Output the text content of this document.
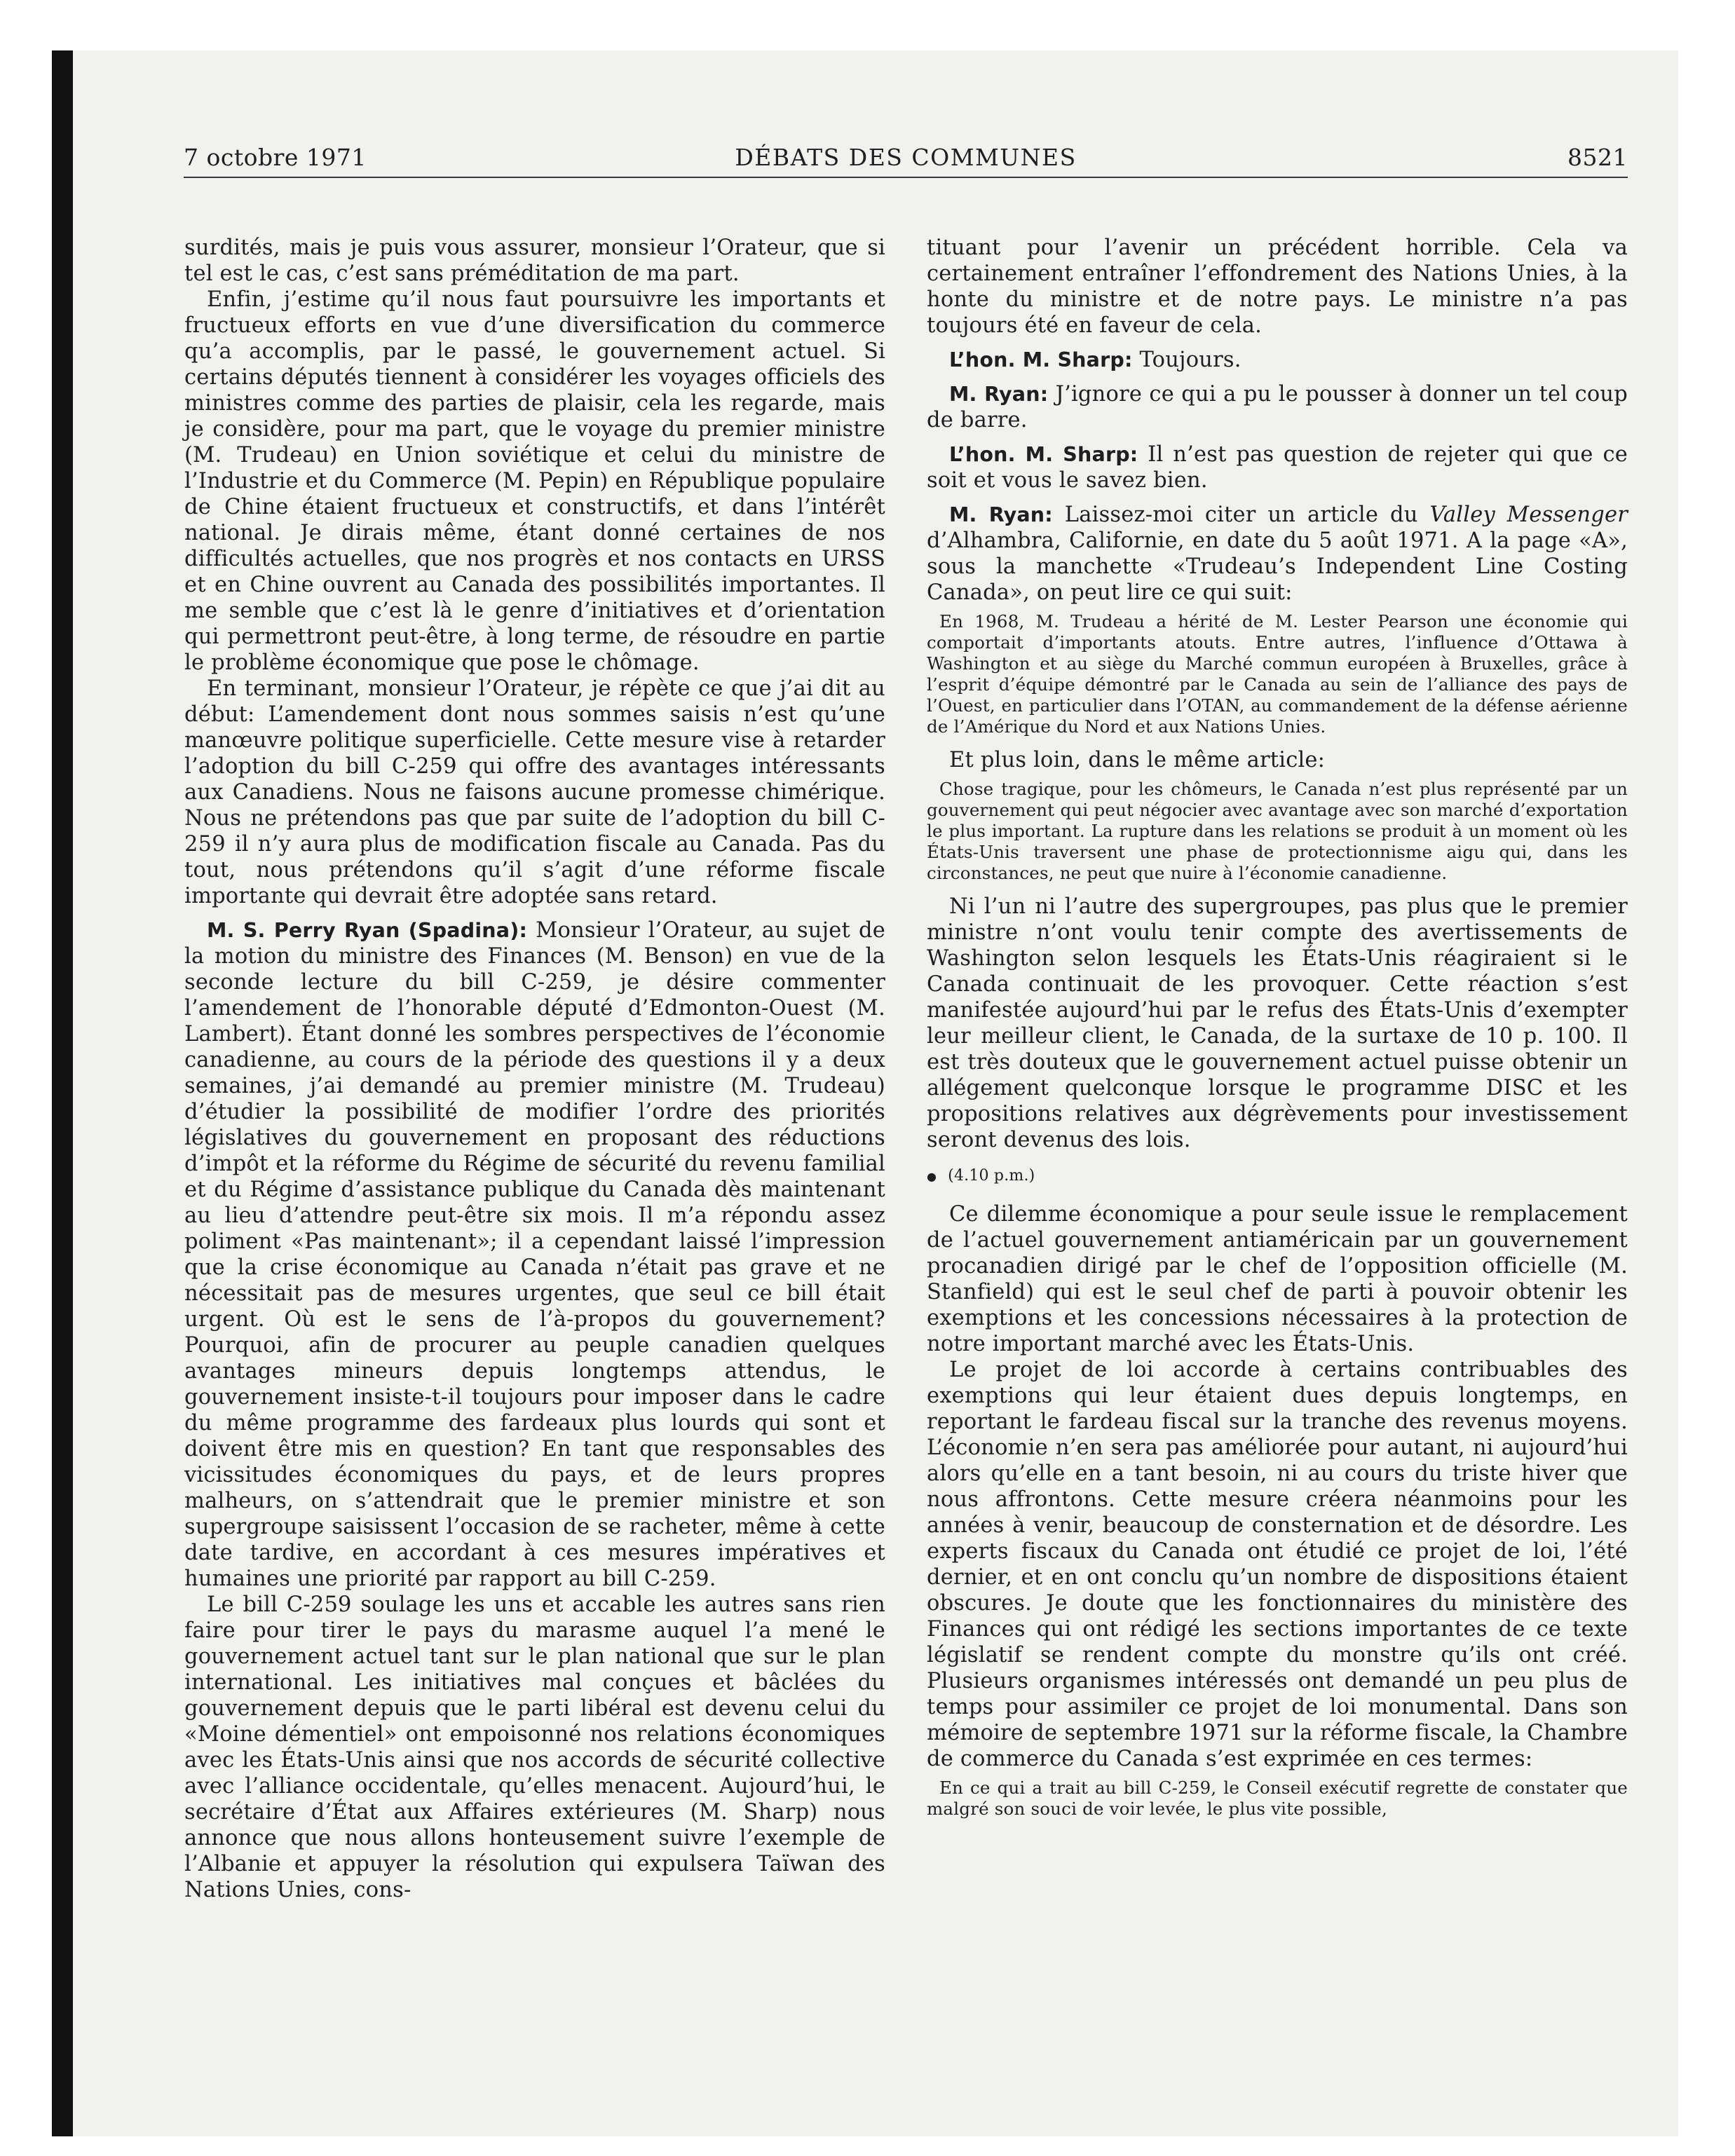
7 octobre 1971	DÉBATS DES COMMUNES	8521

surdités, mais je puis vous assurer, monsieur l’Orateur, que si tel est le cas, c’est sans préméditation de ma part.

Enfin, j’estime qu’il nous faut poursuivre les importants et fructueux efforts en vue d’une diversification du commerce qu’a accomplis, par le passé, le gouvernement actuel. Si certains députés tiennent à considérer les voyages officiels des ministres comme des parties de plaisir, cela les regarde, mais je considère, pour ma part, que le voyage du premier ministre (M. Trudeau) en Union soviétique et celui du ministre de l’Industrie et du Commerce (M. Pepin) en République populaire de Chine étaient fructueux et constructifs, et dans l’intérêt national. Je dirais même, étant donné certaines de nos difficultés actuelles, que nos progrès et nos contacts en URSS et en Chine ouvrent au Canada des possibilités importantes. Il me semble que c’est là le genre d’initiatives et d’orientation qui permettront peut-être, à long terme, de résoudre en partie le problème économique que pose le chômage.

En terminant, monsieur l’Orateur, je répète ce que j’ai dit au début: L’amendement dont nous sommes saisis n’est qu’une manœuvre politique superficielle. Cette mesure vise à retarder l’adoption du bill C-259 qui offre des avantages intéressants aux Canadiens. Nous ne faisons aucune promesse chimérique. Nous ne prétendons pas que par suite de l’adoption du bill C-259 il n’y aura plus de modification fiscale au Canada. Pas du tout, nous prétendons qu’il s’agit d’une réforme fiscale importante qui devrait être adoptée sans retard.

M. S. Perry Ryan (Spadina): Monsieur l’Orateur, au sujet de la motion du ministre des Finances (M. Benson) en vue de la seconde lecture du bill C-259, je désire commenter l’amendement de l’honorable député d’Edmonton-Ouest (M. Lambert). Étant donné les sombres perspectives de l’économie canadienne, au cours de la période des questions il y a deux semaines, j’ai demandé au premier ministre (M. Trudeau) d’étudier la possibilité de modifier l’ordre des priorités législatives du gouvernement en proposant des réductions d’impôt et la réforme du Régime de sécurité du revenu familial et du Régime d’assistance publique du Canada dès maintenant au lieu d’attendre peut-être six mois. Il m’a répondu assez poliment «Pas maintenant»; il a cependant laissé l’impression que la crise économique au Canada n’était pas grave et ne nécessitait pas de mesures urgentes, que seul ce bill était urgent. Où est le sens de l’à-propos du gouvernement? Pourquoi, afin de procurer au peuple canadien quelques avantages mineurs depuis longtemps attendus, le gouvernement insiste-t-il toujours pour imposer dans le cadre du même programme des fardeaux plus lourds qui sont et doivent être mis en question? En tant que responsables des vicissitudes économiques du pays, et de leurs propres malheurs, on s’attendrait que le premier ministre et son supergroupe saisissent l’occasion de se racheter, même à cette date tardive, en accordant à ces mesures impératives et humaines une priorité par rapport au bill C-259.

Le bill C-259 soulage les uns et accable les autres sans rien faire pour tirer le pays du marasme auquel l’a mené le gouvernement actuel tant sur le plan national que sur le plan international. Les initiatives mal conçues et bâclées du gouvernement depuis que le parti libéral est devenu celui du «Moine démentiel» ont empoisonné nos relations économiques avec les États-Unis ainsi que nos accords de sécurité collective avec l’alliance occidentale, qu’elles menacent. Aujourd’hui, le secrétaire d’État aux Affaires extérieures (M. Sharp) nous annonce que nous allons honteusement suivre l’exemple de l’Albanie et appuyer la résolution qui expulsera Taïwan des Nations Unies, cons-

tituant pour l’avenir un précédent horrible. Cela va certainement entraîner l’effondrement des Nations Unies, à la honte du ministre et de notre pays. Le ministre n’a pas toujours été en faveur de cela.

L’hon. M. Sharp: Toujours.

M. Ryan: J’ignore ce qui a pu le pousser à donner un tel coup de barre.

L’hon. M. Sharp: Il n’est pas question de rejeter qui que ce soit et vous le savez bien.

M. Ryan: Laissez-moi citer un article du Valley Messenger d’Alhambra, Californie, en date du 5 août 1971. A la page «A», sous la manchette «Trudeau’s Independent Line Costing Canada», on peut lire ce qui suit:

En 1968, M. Trudeau a hérité de M. Lester Pearson une économie qui comportait d’importants atouts. Entre autres, l’influence d’Ottawa à Washington et au siège du Marché commun européen à Bruxelles, grâce à l’esprit d’équipe démontré par le Canada au sein de l’alliance des pays de l’Ouest, en particulier dans l’OTAN, au commandement de la défense aérienne de l’Amérique du Nord et aux Nations Unies.

Et plus loin, dans le même article:

Chose tragique, pour les chômeurs, le Canada n’est plus représenté par un gouvernement qui peut négocier avec avantage avec son marché d’exportation le plus important. La rupture dans les relations se produit à un moment où les États-Unis traversent une phase de protectionnisme aigu qui, dans les circonstances, ne peut que nuire à l’économie canadienne.

Ni l’un ni l’autre des supergroupes, pas plus que le premier ministre n’ont voulu tenir compte des avertissements de Washington selon lesquels les États-Unis réagiraient si le Canada continuait de les provoquer. Cette réaction s’est manifestée aujourd’hui par le refus des États-Unis d’exempter leur meilleur client, le Canada, de la surtaxe de 10 p. 100. Il est très douteux que le gouvernement actuel puisse obtenir un allégement quelconque lorsque le programme DISC et les propositions relatives aux dégrèvements pour investissement seront devenus des lois.

● (4.10 p.m.)

Ce dilemme économique a pour seule issue le remplacement de l’actuel gouvernement antiaméricain par un gouvernement procanadien dirigé par le chef de l’opposition officielle (M. Stanfield) qui est le seul chef de parti à pouvoir obtenir les exemptions et les concessions nécessaires à la protection de notre important marché avec les États-Unis.

Le projet de loi accorde à certains contribuables des exemptions qui leur étaient dues depuis longtemps, en reportant le fardeau fiscal sur la tranche des revenus moyens. L’économie n’en sera pas améliorée pour autant, ni aujourd’hui alors qu’elle en a tant besoin, ni au cours du triste hiver que nous affrontons. Cette mesure créera néanmoins pour les années à venir, beaucoup de consternation et de désordre. Les experts fiscaux du Canada ont étudié ce projet de loi, l’été dernier, et en ont conclu qu’un nombre de dispositions étaient obscures. Je doute que les fonctionnaires du ministère des Finances qui ont rédigé les sections importantes de ce texte législatif se rendent compte du monstre qu’ils ont créé. Plusieurs organismes intéressés ont demandé un peu plus de temps pour assimiler ce projet de loi monumental. Dans son mémoire de septembre 1971 sur la réforme fiscale, la Chambre de commerce du Canada s’est exprimée en ces termes:

En ce qui a trait au bill C-259, le Conseil exécutif regrette de constater que malgré son souci de voir levée, le plus vite possible,
